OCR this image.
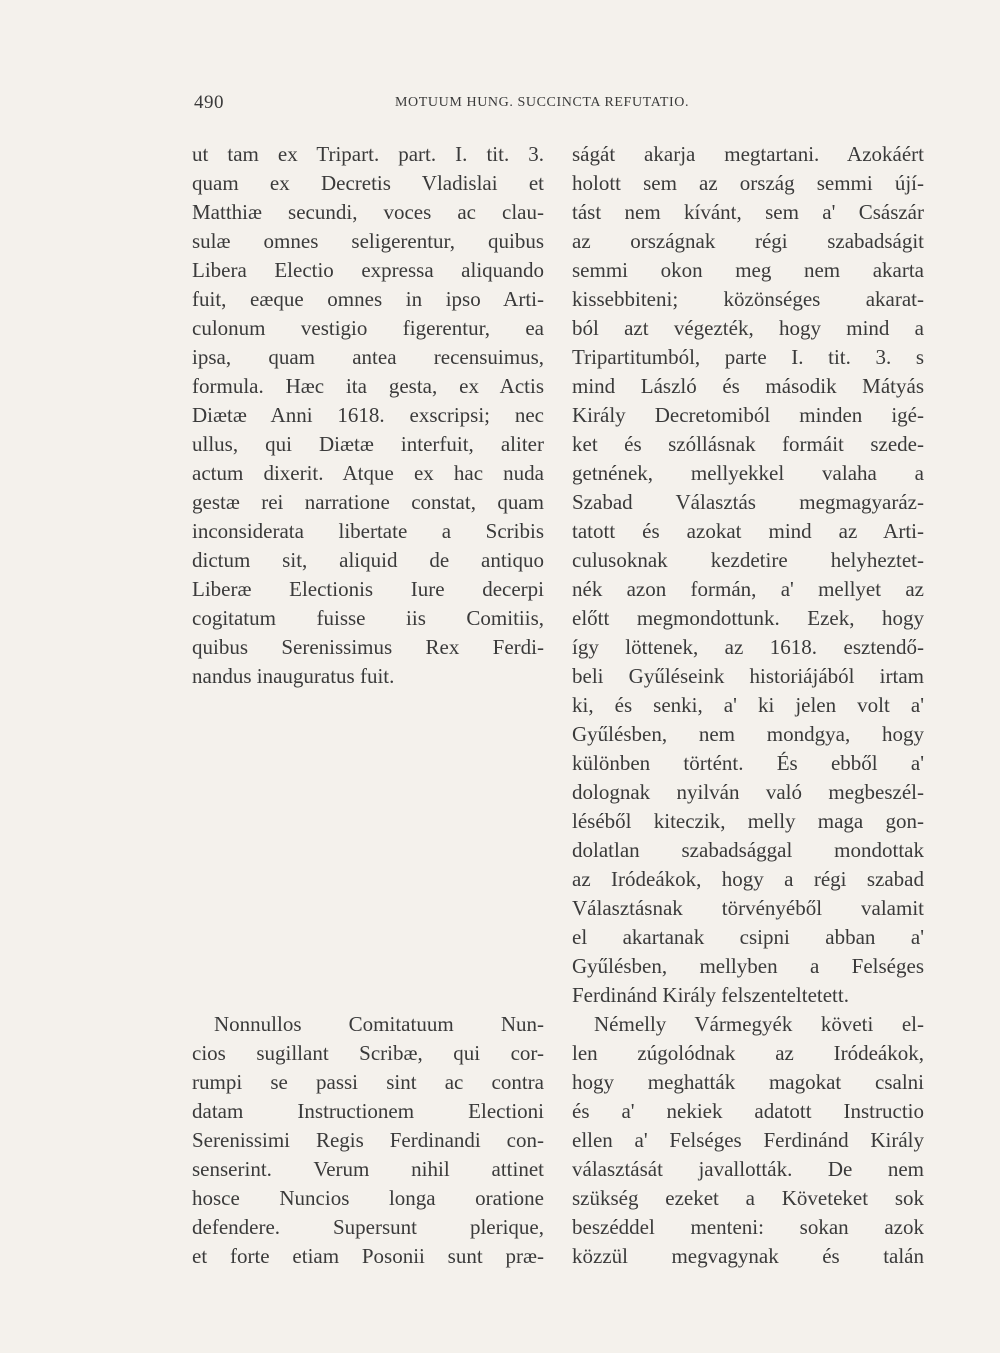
490	MOTUUM HUNG. SUCCINCTA REFUTATIO.
ut tam ex Tripart. part. I. tit. 3.
quam ex Decretis Vladislai et
Matthiæ secundi, voces ac clau-
sulæ omnes seligerentur, quibus
Libera Electio expressa aliquando
fuit, eæque omnes in ipso Arti-
culonum vestigio figerentur, ea
ipsa, quam antea recensuimus,
formula. Hæc ita gesta, ex Actis
Diætæ Anni 1618. exscripsi; nec
ullus, qui Diætæ interfuit, aliter
actum dixerit. Atque ex hac nuda
gestæ rei narratione constat, quam
inconsiderata libertate a Scribis
dictum sit, aliquid de antiquo
Liberæ Electionis Iure decerpi
cogitatum fuisse iis Comitiis,
quibus Serenissimus Rex Ferdi-
nandus inauguratus fuit.
Nonnullos Comitatuum Nun-
cios sugillant Scribæ, qui cor-
rumpi se passi sint ac contra
datam Instructionem Electioni
Serenissimi Regis Ferdinandi con-
senserint. Verum nihil attinet
hosce Nuncios longa oratione
defendere. Supersunt plerique,
et forte etiam Posonii sunt præ-
ságát akarja megtartani. Azokáért
holott sem az ország semmi újí-
tást nem kívánt, sem a' Császár
az országnak régi szabadságit
semmi okon meg nem akarta
kissebbiteni; közönséges akarat-
ból azt végezték, hogy mind a
Tripartitumból, parte I. tit. 3. s
mind László és második Mátyás
Király Decretomiból minden igé-
ket és szóllásnak formáit szede-
getnének, mellyekkel valaha a
Szabad Választás megmagyaráz-
tatott és azokat mind az Arti-
culusoknak kezdetire helyheztet-
nék azon formán, a' mellyet az
előtt megmondottunk. Ezek, hogy
így löttenek, az 1618. esztendő-
beli Gyűléseink historiájából irtam
ki, és senki, a' ki jelen volt a'
Gyűlésben, nem mondgya, hogy
különben történt. És ebből a'
dolognak nyilván való megbeszél-
léséből kiteczik, melly maga gon-
dolatlan szabadsággal mondottak
az Iródeákok, hogy a régi szabad
Választásnak törvényéből valamit
el akartanak csipni abban a'
Gyűlésben, mellyben a Felséges
Ferdinánd Király felszenteltetett.
Némelly Vármegyék követi el-
len zúgolódnak az Iródeákok,
hogy meghatták magokat csalni
és a' nekiek adatott Instructio
ellen a' Felséges Ferdinánd Király
választását javallották. De nem
szükség ezeket a Követeket sok
beszéddel menteni: sokan azok
közzül megvagynak és talán
